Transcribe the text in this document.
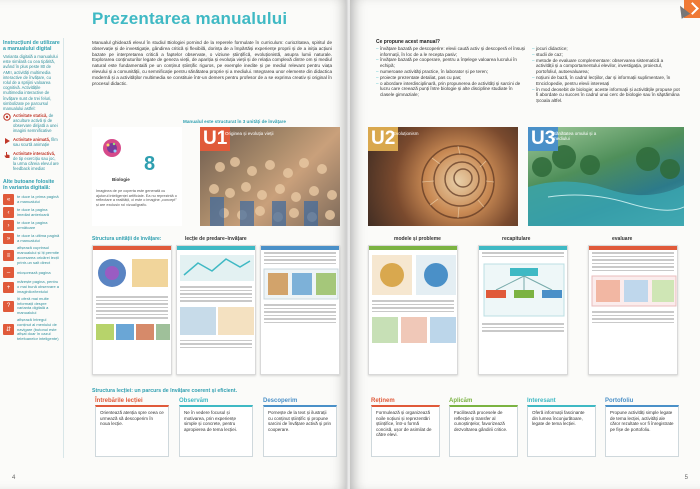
Prezentarea manualului
Instrucțiuni de utilizare a manualului digital

Varianta digitală a manualului este similară cu cea tipărită, având în plus peste 80 de AMII, activități multimedia interactive de învățare, cu rolul de a sprijini valoarea cognitivă. Activitățile multimedia interactive de învățare sunt de trei feluri, simbolizate pe parcursul manualului astfel:

Activitate statică, de asculture activă și de observare dirijată a unei imagini semnificative
Activitate animată, film sau scurtă animație
Activitate interactivă, de tip exercițiu sau joc, la urma căreia elevul are feedback imediat
Alte butoane folosite în varianta digitală:
«
te duce la prima pagină a manualului
‹
te duce la pagina imediat anterioară
›
te duce la pagina următoare
»
te duce la ultima pagină a manualului
≡
afișează cuprinsul manualului și îți permite accesarea oricărei lecții printr-un salt direct
–	micșorează pagina
+
mărește pagina, pentru o mai bună observare a imaginilor/textului
?
îți oferă mai multe informații despre varianta digitală a manualului
⇵
afișează întregul conținut al meniului de navigare (butonul este afișat doar în cazul telefoanelor inteligente)
Manualul ghidează elevul în studiul Biologiei pornind de la reperele formulate în curriculum: curiozitatea, spiritul de observație și de investigație, gândirea critică și flexibilă, dorința de a împărtăși experiențe proprii și de a iniția acțiuni bazate pe interpretarea critică a faptelor observate, o viziune științifică, evoluționistă, asupra lumii naturale. Explorarea conținuturilor legate de geneza vieții, de apariția și evoluția vieții și de relația complexă dintre om și mediul natural este fundamentală pe un conținut științific riguros, pe exemple inedite și pe mediul relevant pentru viața elevului și a comunității, cu semnificație pentru sănătatea proprie și a mediului. Integrarea unor elemente din didactica modernă și a activităților multimedia se constituie într-un demers pentru profesor de a se exprima creativ și original în procesul didactic.
Manualul este structurat în 3 unități de învățare
8
Biologie
Imaginea de pe coperta este generată cu ajutorul inteligenței artificiale. Ea nu reprezintă o reflectare a realității, ci este o imagine „concept” și are exclusiv rol vizual/grafic.
U1
Originea și evoluția vieții
Structura unității de învățare:	lecție de predare–învățare
Structura lecției: un parcurs de învățare coerent și eficient.
Întrebările lecției
Orientează atenția spre ceea ce urmează să descoperim în noua lecție.
Observăm
Ne în vedere focusul și motivarea, prin experiențe simple și concrete, pentru apropierea de tema lecției.
Descoperim
Pornește de la text și ilustrații cu conținut științific și propune sarcini de învățare activă și prin cooperare.
4
Ce propune acest manual?
– învățare bazată pe descoperire: elevii caută activ și descoperă el însuși informații, în loc de a le recepta pasiv;
– învățare bazată pe cooperare, pentru a înțelege valoarea lucrului în echipă;
– numeroase activități practice, în laborator și pe teren;
– proiecte prezentate detaliat, pas cu pas;
– o abordare interdisciplinară, prin propunerea de activități și sarcini de lucru care creează punți între biologie și alte discipline studiate în clasele gimnaziale;
– jocuri didactice;
– studii de caz;
– metode de evaluare complementare: observarea sistematică a activității și a comportamentului elevilor, investigația, proiectul, portofoliul, autoevaluarea;
– noțiuni de bază, în cadrul lecțiilor, dar și informații suplimentare, în Enciclopedie, pentru elevii interesați
– în mod deosebit de biologie; aceste informații și activitățile propuse pot fi abordate cu succes în cadrul unui cerc de biologie sau în săptămâna Școala altfel.
U2
Evoluționism	U3
Sănătatea omului și a mediului
modele și probleme	recapitulare	evaluare
Reținem
Formulează și organizează noile noțiuni și reprezentări științifice, într-o formă concisă, ușor de asimilat de către elevi.
Aplicăm
Facilitează procesele de reflecție și transfer al cunoștințelor, favorizează dezvoltarea gândirii critice.
Interesant
Oferă informații fascinante din lumea înconjurătoare, legate de tema lecției.
Portofoliu
Propune activități simple legate de tema lecției, activități ale căror rezultate vor fi înregistrate pe fișe de portofoliu.
5
